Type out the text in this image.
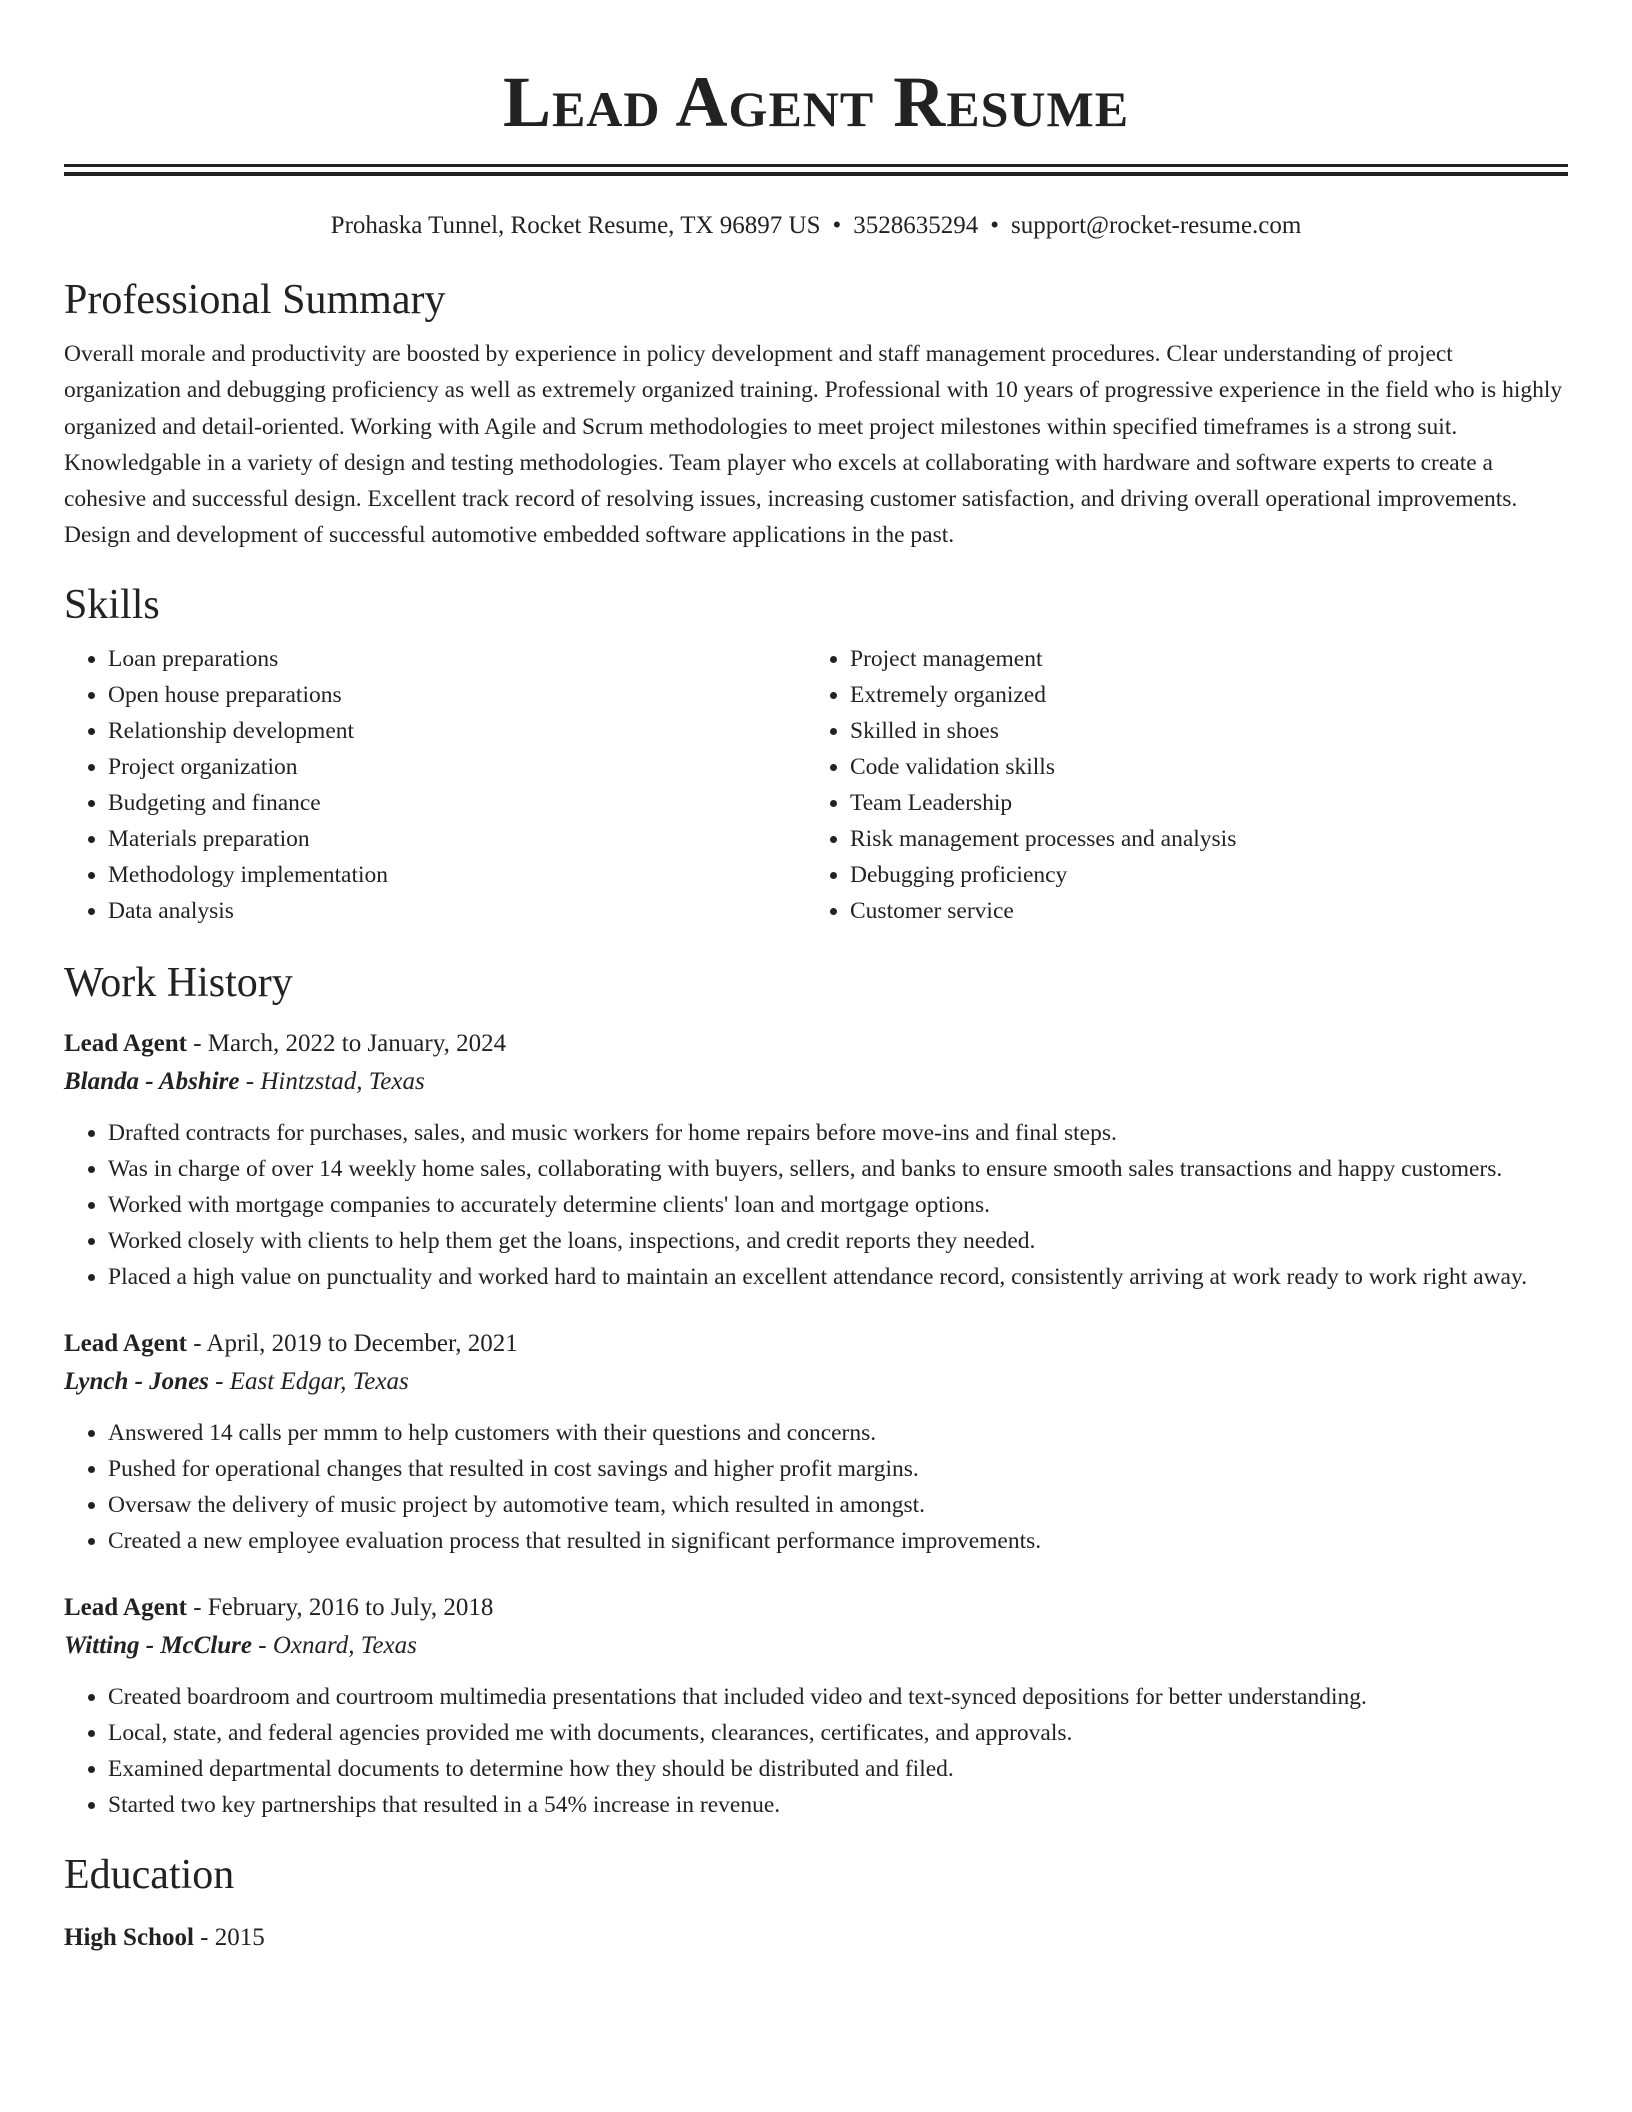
Lead Agent Resume
Prohaska Tunnel, Rocket Resume, TX 96897 US • 3528635294 • support@rocket-resume.com
Professional Summary
Overall morale and productivity are boosted by experience in policy development and staff management procedures. Clear understanding of project organization and debugging proficiency as well as extremely organized training. Professional with 10 years of progressive experience in the field who is highly organized and detail-oriented. Working with Agile and Scrum methodologies to meet project milestones within specified timeframes is a strong suit. Knowledgable in a variety of design and testing methodologies. Team player who excels at collaborating with hardware and software experts to create a cohesive and successful design. Excellent track record of resolving issues, increasing customer satisfaction, and driving overall operational improvements. Design and development of successful automotive embedded software applications in the past.
Skills
• Loan preparations
• Open house preparations
• Relationship development
• Project organization
• Budgeting and finance
• Materials preparation
• Methodology implementation
• Data analysis
• Project management
• Extremely organized
• Skilled in shoes
• Code validation skills
• Team Leadership
• Risk management processes and analysis
• Debugging proficiency
• Customer service
Work History
Lead Agent - March, 2022 to January, 2024
Blanda - Abshire - Hintzstad, Texas
• Drafted contracts for purchases, sales, and music workers for home repairs before move-ins and final steps.
• Was in charge of over 14 weekly home sales, collaborating with buyers, sellers, and banks to ensure smooth sales transactions and happy customers.
• Worked with mortgage companies to accurately determine clients' loan and mortgage options.
• Worked closely with clients to help them get the loans, inspections, and credit reports they needed.
• Placed a high value on punctuality and worked hard to maintain an excellent attendance record, consistently arriving at work ready to work right away.
Lead Agent - April, 2019 to December, 2021
Lynch - Jones - East Edgar, Texas
• Answered 14 calls per mmm to help customers with their questions and concerns.
• Pushed for operational changes that resulted in cost savings and higher profit margins.
• Oversaw the delivery of music project by automotive team, which resulted in amongst.
• Created a new employee evaluation process that resulted in significant performance improvements.
Lead Agent - February, 2016 to July, 2018
Witting - McClure - Oxnard, Texas
• Created boardroom and courtroom multimedia presentations that included video and text-synced depositions for better understanding.
• Local, state, and federal agencies provided me with documents, clearances, certificates, and approvals.
• Examined departmental documents to determine how they should be distributed and filed.
• Started two key partnerships that resulted in a 54% increase in revenue.
Education
High School - 2015
